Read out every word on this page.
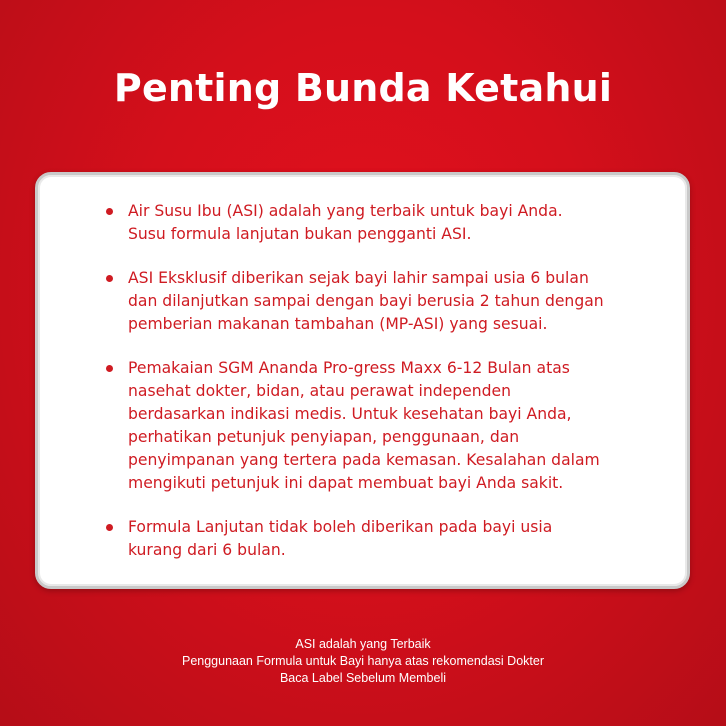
Penting Bunda Ketahui
Air Susu Ibu (ASI) adalah yang terbaik untuk bayi Anda.
Susu formula lanjutan bukan pengganti ASI.
ASI Eksklusif diberikan sejak bayi lahir sampai usia 6 bulan
dan dilanjutkan sampai dengan bayi berusia 2 tahun dengan
pemberian makanan tambahan (MP-ASI) yang sesuai.
Pemakaian SGM Ananda Pro-gress Maxx 6-12 Bulan atas
nasehat dokter, bidan, atau perawat independen
berdasarkan indikasi medis. Untuk kesehatan bayi Anda,
perhatikan petunjuk penyiapan, penggunaan, dan
penyimpanan yang tertera pada kemasan. Kesalahan dalam
mengikuti petunjuk ini dapat membuat bayi Anda sakit.
Formula Lanjutan tidak boleh diberikan pada bayi usia
kurang dari 6 bulan.
ASI adalah yang Terbaik
Penggunaan Formula untuk Bayi hanya atas rekomendasi Dokter
Baca Label Sebelum Membeli
